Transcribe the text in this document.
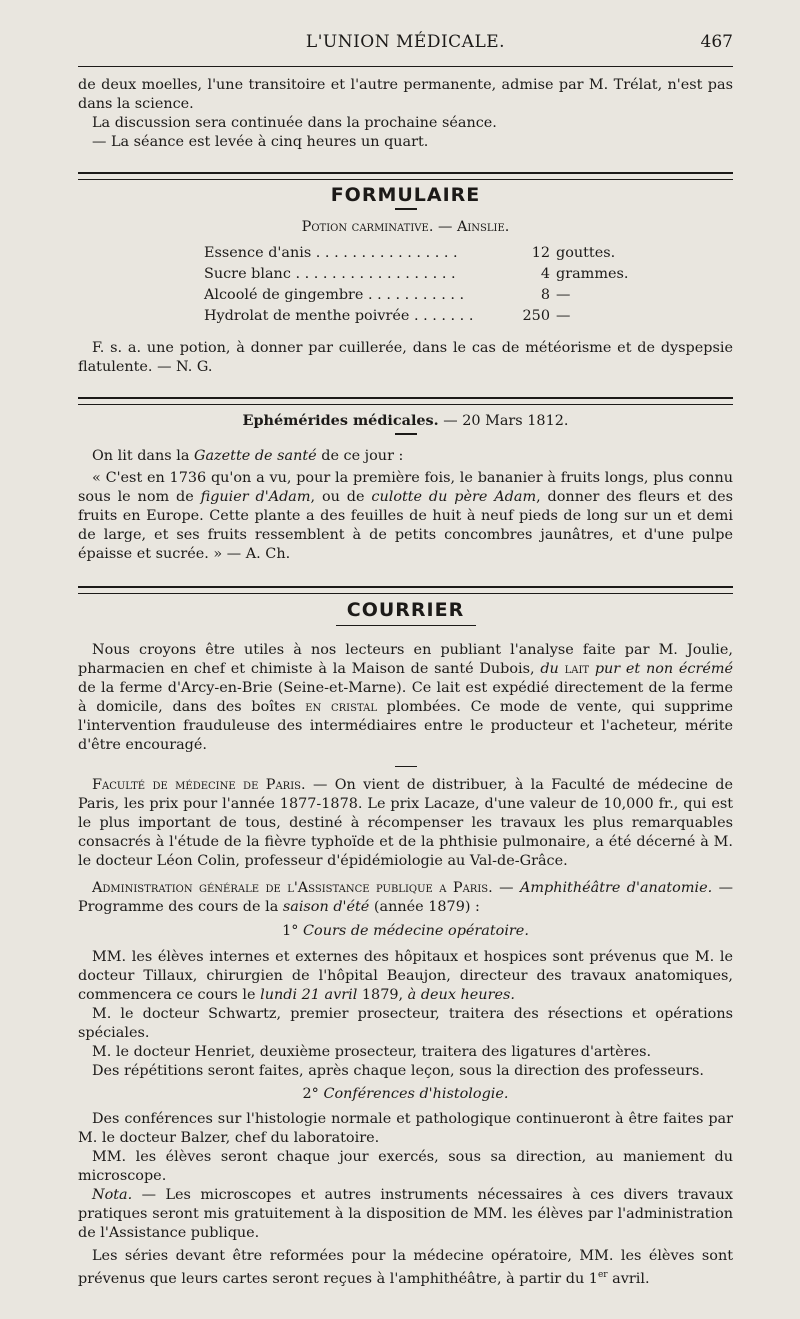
L'UNION MÉDICALE.	467

de deux moelles, l'une transitoire et l'autre permanente, admise par M. Trélat, n'est pas dans la science.

La discussion sera continuée dans la prochaine séance.

— La séance est levée à cinq heures un quart.

FORMULAIRE

Potion carminative. — Ainslie.

Essence d'anis . . . . . . . . . . . . . . . .	12	gouttes.
Sucre blanc . . . . . . . . . . . . . . . . . .	4	grammes.
Alcoolé de gingembre . . . . . . . . . . .	8	—
Hydrolat de menthe poivrée . . . . . . .	250	—

F. s. a. une potion, à donner par cuillerée, dans le cas de météorisme et de dyspepsie flatulente. — N. G.

Ephémérides médicales. — 20 Mars 1812.

On lit dans la Gazette de santé de ce jour :

« C'est en 1736 qu'on a vu, pour la première fois, le bananier à fruits longs, plus connu sous le nom de figuier d'Adam, ou de culotte du père Adam, donner des fleurs et des fruits en Europe. Cette plante a des feuilles de huit à neuf pieds de long sur un et demi de large, et ses fruits ressemblent à de petits concombres jaunâtres, et d'une pulpe épaisse et sucrée. » — A. Ch.

COURRIER

Nous croyons être utiles à nos lecteurs en publiant l'analyse faite par M. Joulie, pharmacien en chef et chimiste à la Maison de santé Dubois, du lait pur et non écrémé de la ferme d'Arcy-en-Brie (Seine-et-Marne). Ce lait est expédié directement de la ferme à domicile, dans des boîtes en cristal plombées. Ce mode de vente, qui supprime l'intervention frauduleuse des intermédiaires entre le producteur et l'acheteur, mérite d'être encouragé.

Faculté de médecine de Paris. — On vient de distribuer, à la Faculté de médecine de Paris, les prix pour l'année 1877-1878. Le prix Lacaze, d'une valeur de 10,000 fr., qui est le plus important de tous, destiné à récompenser les travaux les plus remarquables consacrés à l'étude de la fièvre typhoïde et de la phthisie pulmonaire, a été décerné à M. le docteur Léon Colin, professeur d'épidémiologie au Val-de-Grâce.

Administration générale de l'Assistance publique a Paris. — Amphithéâtre d'anatomie. — Programme des cours de la saison d'été (année 1879) :

1° Cours de médecine opératoire.

MM. les élèves internes et externes des hôpitaux et hospices sont prévenus que M. le docteur Tillaux, chirurgien de l'hôpital Beaujon, directeur des travaux anatomiques, commencera ce cours le lundi 21 avril 1879, à deux heures.

M. le docteur Schwartz, premier prosecteur, traitera des résections et opérations spéciales.

M. le docteur Henriet, deuxième prosecteur, traitera des ligatures d'artères.

Des répétitions seront faites, après chaque leçon, sous la direction des professeurs.

2° Conférences d'histologie.

Des conférences sur l'histologie normale et pathologique continueront à être faites par M. le docteur Balzer, chef du laboratoire.

MM. les élèves seront chaque jour exercés, sous sa direction, au maniement du microscope.

Nota. — Les microscopes et autres instruments nécessaires à ces divers travaux pratiques seront mis gratuitement à la disposition de MM. les élèves par l'administration de l'Assistance publique.

Les séries devant être reformées pour la médecine opératoire, MM. les élèves sont prévenus que leurs cartes seront reçues à l'amphithéâtre, à partir du 1er avril.
